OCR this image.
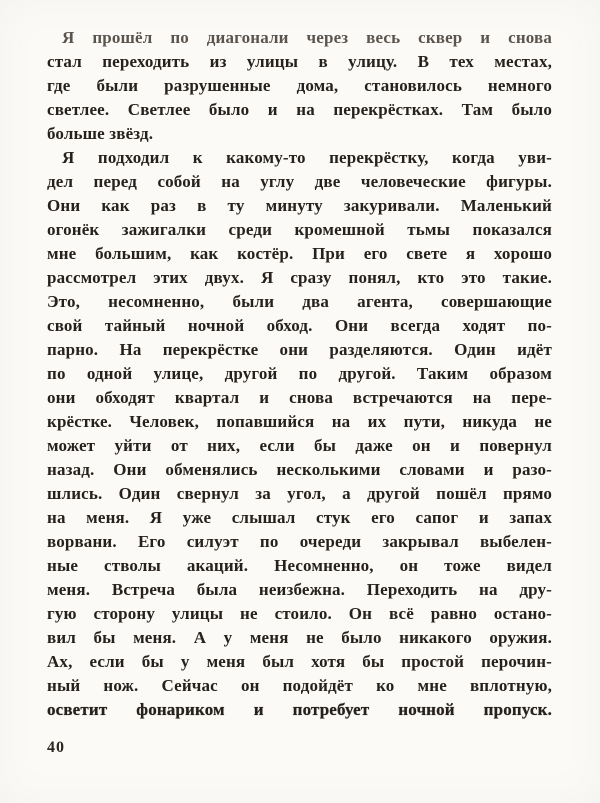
Я прошёл по диагонали через весь сквер и снова
стал переходить из улицы в улицу. В тех местах,
где были разрушенные дома, становилось немного
светлее. Светлее было и на перекрёстках. Там было
больше звёзд.
Я подходил к какому-то перекрёстку, когда уви-
дел перед собой на углу две человеческие фигуры.
Они как раз в ту минуту закуривали. Маленький
огонёк зажигалки среди кромешной тьмы показался
мне большим, как костёр. При его свете я хорошо
рассмотрел этих двух. Я сразу понял, кто это такие.
Это, несомненно, были два агента, совершающие
свой тайный ночной обход. Они всегда ходят по-
парно. На перекрёстке они разделяются. Один идёт
по одной улице, другой по другой. Таким образом
они обходят квартал и снова встречаются на пере-
крёстке. Человек, попавшийся на их пути, никуда не
может уйти от них, если бы даже он и повернул
назад. Они обменялись несколькими словами и разо-
шлись. Один свернул за угол, а другой пошёл прямо
на меня. Я уже слышал стук его сапог и запах
ворвани. Его силуэт по очереди закрывал выбелен-
ные стволы акаций. Несомненно, он тоже видел
меня. Встреча была неизбежна. Переходить на дру-
гую сторону улицы не стоило. Он всё равно остано-
вил бы меня. А у меня не было никакого оружия.
Ах, если бы у меня был хотя бы простой перочин-
ный нож. Сейчас он подойдёт ко мне вплотную,
осветит фонариком и потребует ночной пропуск.
40
